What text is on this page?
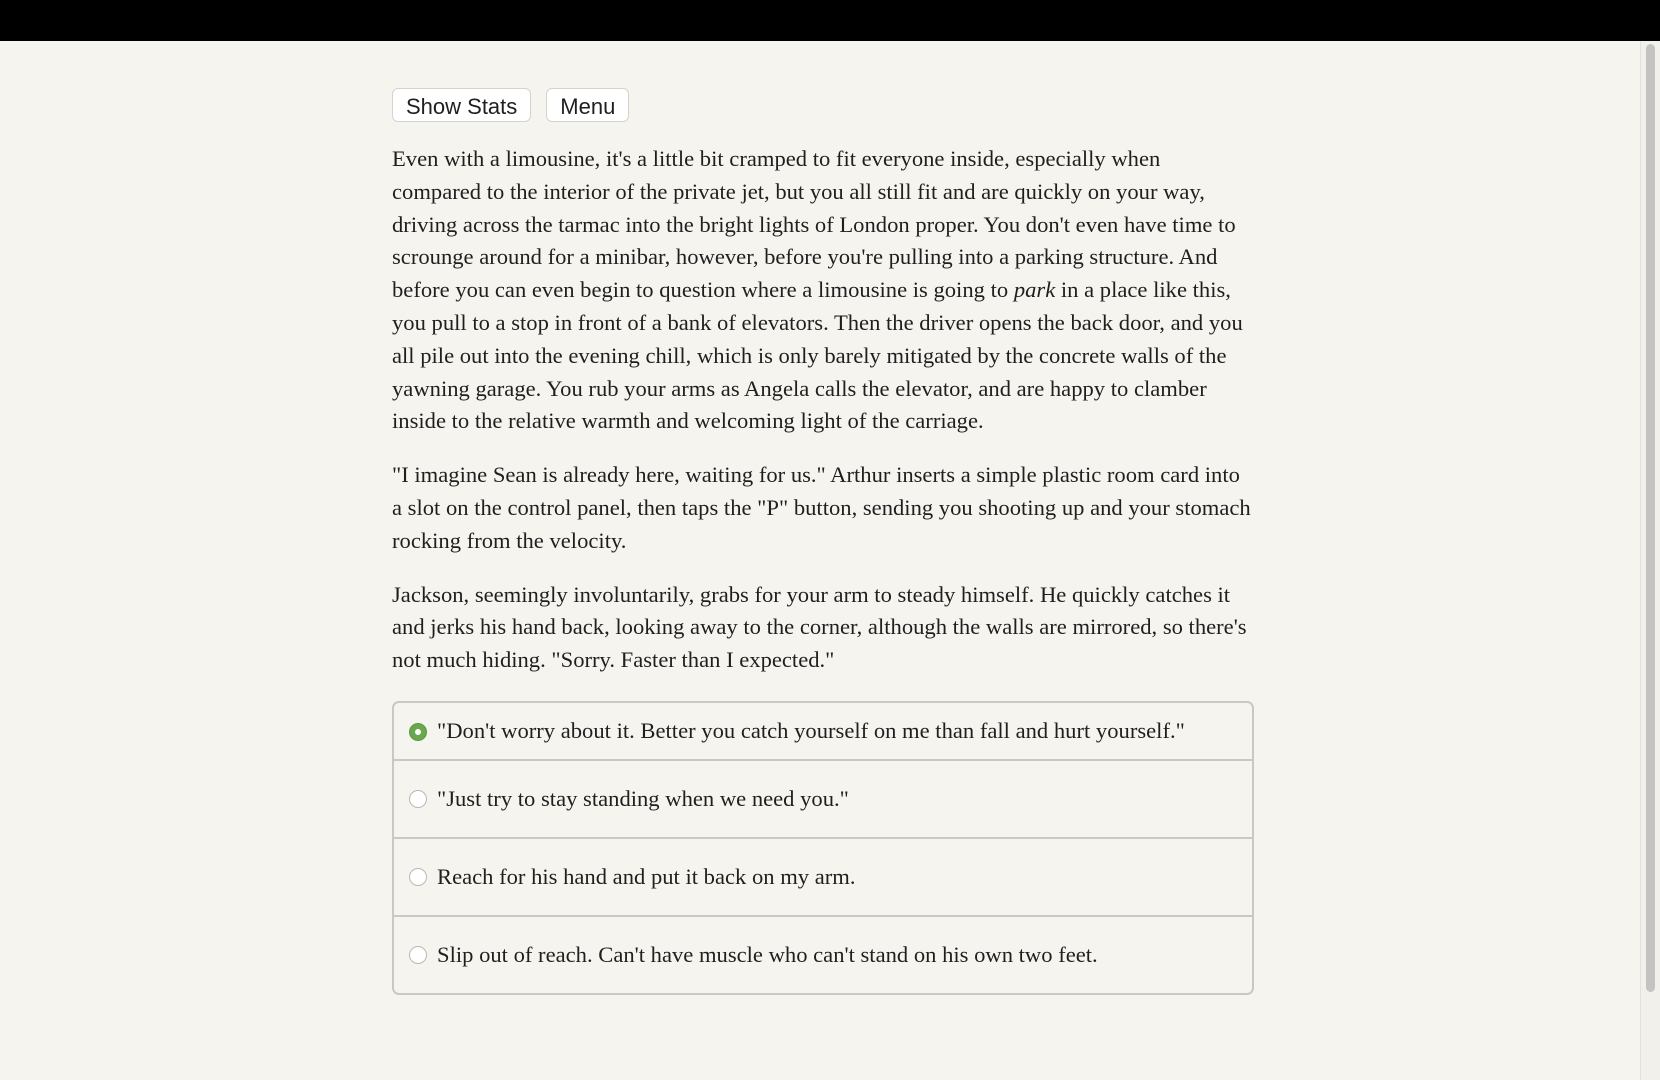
Show Stats	Menu

Even with a limousine, it's a little bit cramped to fit everyone inside, especially when compared to the interior of the private jet, but you all still fit and are quickly on your way, driving across the tarmac into the bright lights of London proper. You don't even have time to scrounge around for a minibar, however, before you're pulling into a parking structure. And before you can even begin to question where a limousine is going to park in a place like this, you pull to a stop in front of a bank of elevators. Then the driver opens the back door, and you all pile out into the evening chill, which is only barely mitigated by the concrete walls of the yawning garage. You rub your arms as Angela calls the elevator, and are happy to clamber inside to the relative warmth and welcoming light of the carriage.

"I imagine Sean is already here, waiting for us." Arthur inserts a simple plastic room card into a slot on the control panel, then taps the "P" button, sending you shooting up and your stomach rocking from the velocity.

Jackson, seemingly involuntarily, grabs for your arm to steady himself. He quickly catches it and jerks his hand back, looking away to the corner, although the walls are mirrored, so there's not much hiding. "Sorry. Faster than I expected."

"Don't worry about it. Better you catch yourself on me than fall and hurt yourself."
"Just try to stay standing when we need you."
Reach for his hand and put it back on my arm.
Slip out of reach. Can't have muscle who can't stand on his own two feet.
